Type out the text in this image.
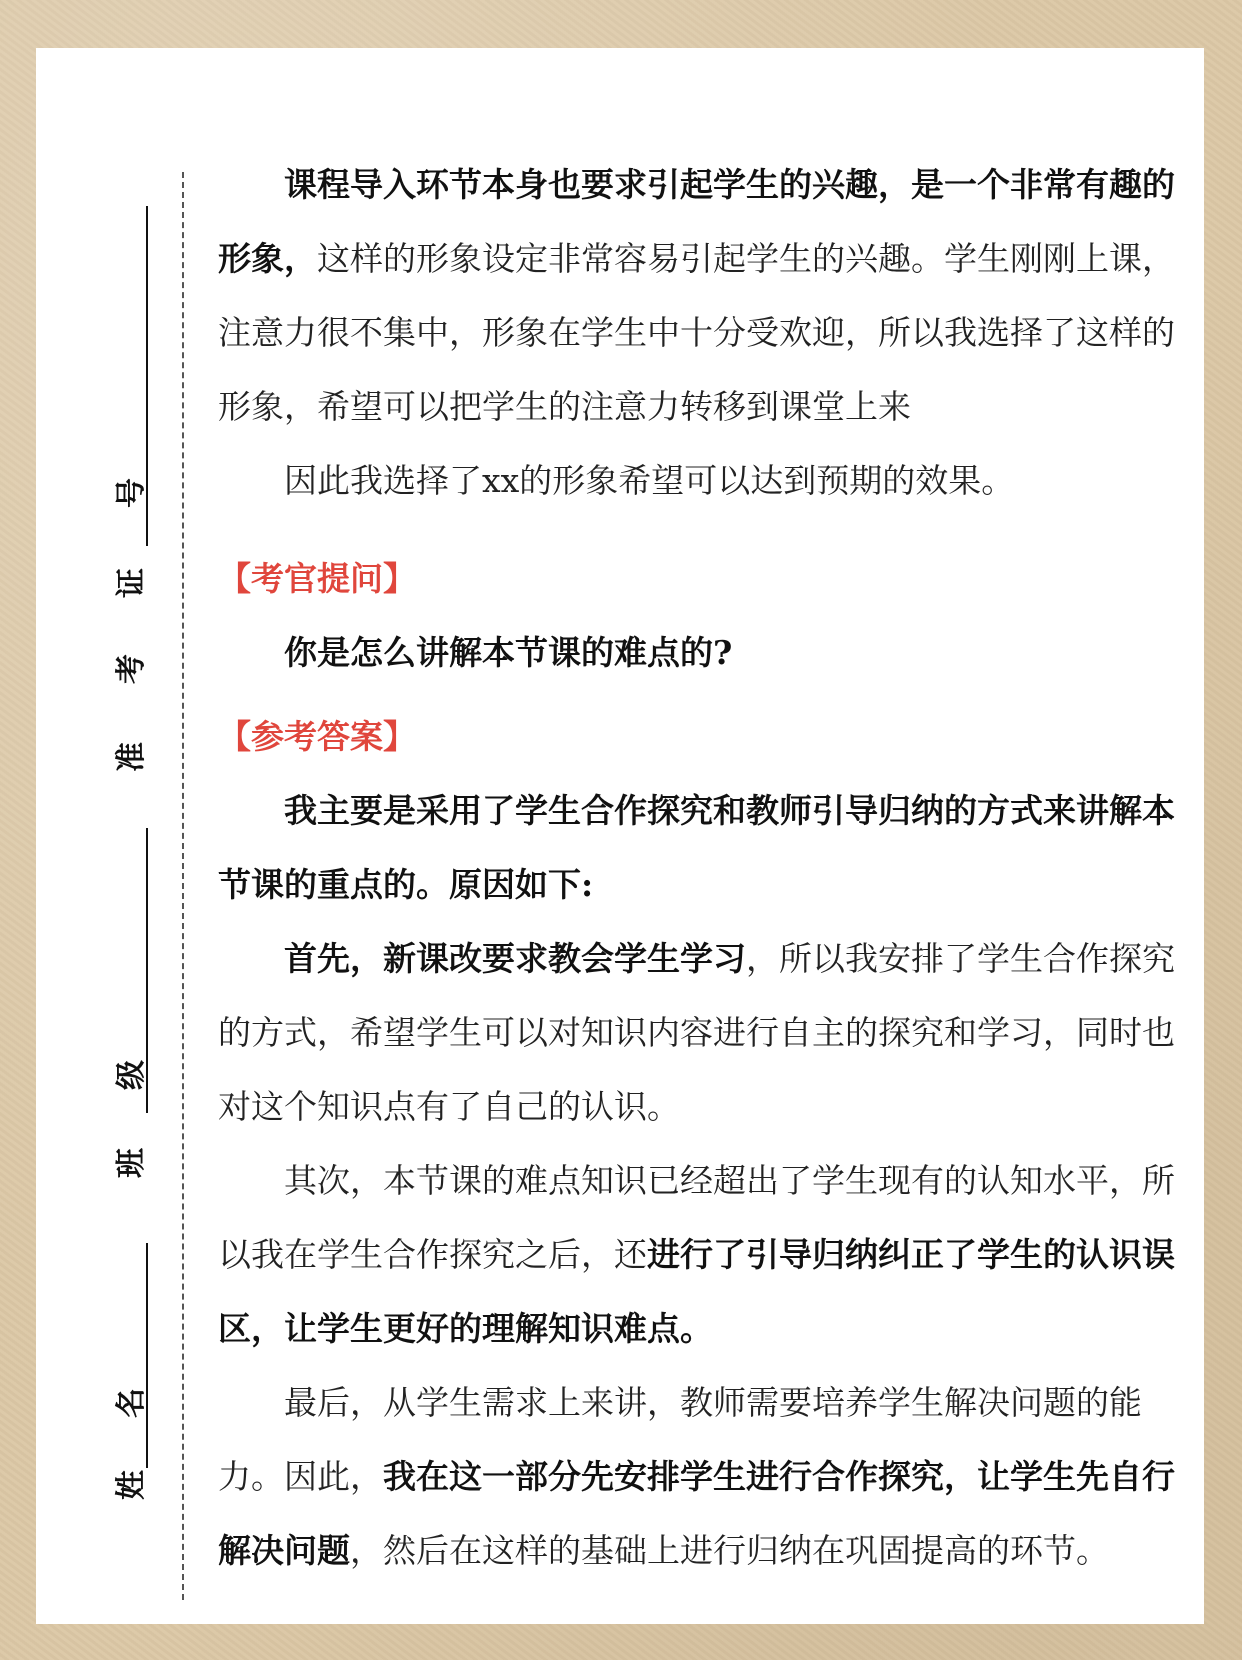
号
证
考
准
级
班
名
姓

课程导入环节本身也要求引起学生的兴趣，是一个非常有趣的形象，这样的形象设定非常容易引起学生的兴趣。学生刚刚上课，注意力很不集中，形象在学生中十分受欢迎，所以我选择了这样的形象，希望可以把学生的注意力转移到课堂上来

因此我选择了xx的形象希望可以达到预期的效果。

【考官提问】

你是怎么讲解本节课的难点的?

【参考答案】

我主要是采用了学生合作探究和教师引导归纳的方式来讲解本节课的重点的。原因如下:

首先，新课改要求教会学生学习，所以我安排了学生合作探究的方式，希望学生可以对知识内容进行自主的探究和学习，同时也对这个知识点有了自己的认识。

其次，本节课的难点知识已经超出了学生现有的认知水平，所以我在学生合作探究之后，还进行了引导归纳纠正了学生的认识误区，让学生更好的理解知识难点。

最后，从学生需求上来讲，教师需要培养学生解决问题的能力。因此，我在这一部分先安排学生进行合作探究，让学生先自行解决问题，然后在这样的基础上进行归纳在巩固提高的环节。
